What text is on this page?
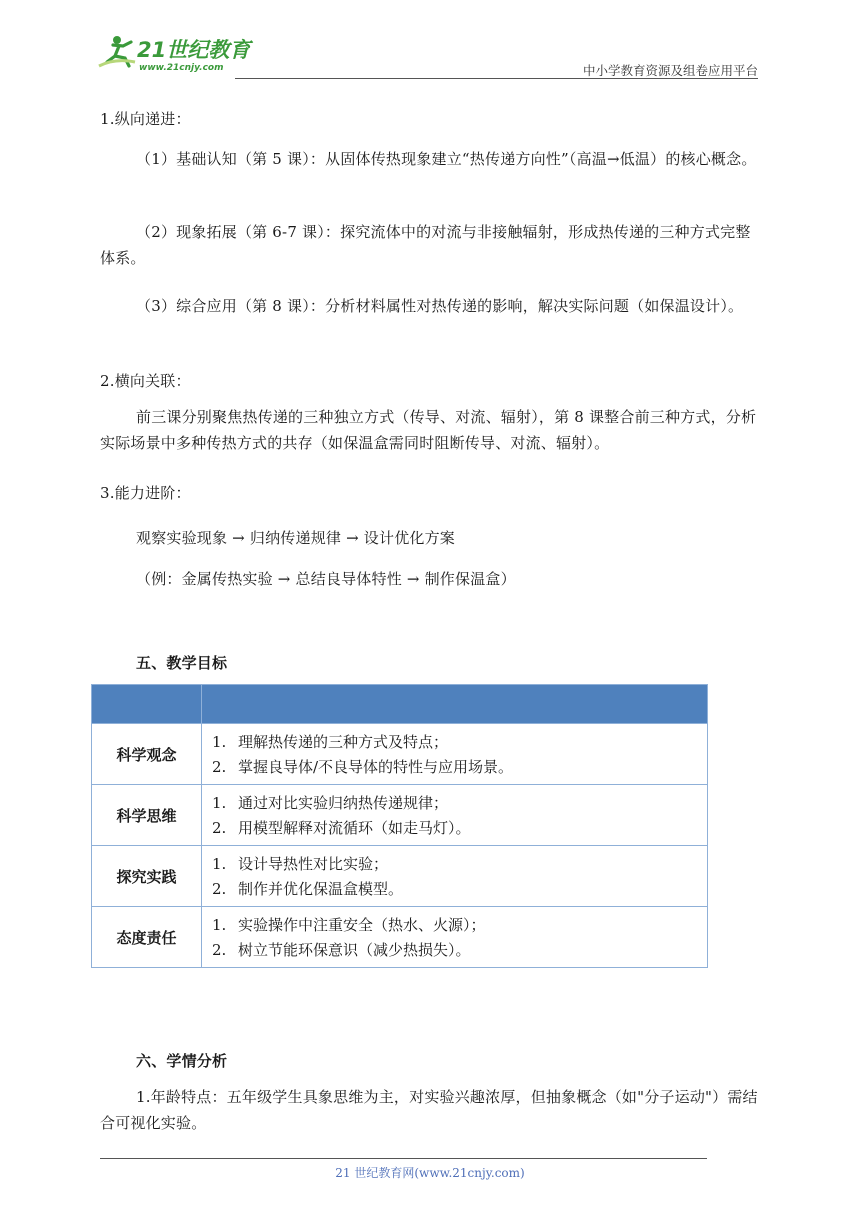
21世纪教育
www.21cnjy.com	中小学教育资源及组卷应用平台
1.纵向递进：
（1）基础认知（第 5 课）：从固体传热现象建立“热传递方向性”（高温→低温）的核心概念。
（2）现象拓展（第 6-7 课）：探究流体中的对流与非接触辐射，形成热传递的三种方式完整体系。
（3）综合应用（第 8 课）：分析材料属性对热传递的影响，解决实际问题（如保温设计）。
2.横向关联：
前三课分别聚焦热传递的三种独立方式（传导、对流、辐射），第 8 课整合前三种方式，分析实际场景中多种传热方式的共存（如保温盒需同时阻断传导、对流、辐射）。
3.能力进阶：
观察实验现象 → 归纳传递规律 → 设计优化方案
（例：金属传热实验 → 总结良导体特性 → 制作保温盒）
五、教学目标

科学观念	1. 理解热传递的三种方式及特点；
2. 掌握良导体/不良导体的特性与应用场景。

科学思维	1. 通过对比实验归纳热传递规律；
2. 用模型解释对流循环（如走马灯）。

探究实践	1. 设计导热性对比实验；
2. 制作并优化保温盒模型。

态度责任	1. 实验操作中注重安全（热水、火源）；
2. 树立节能环保意识（减少热损失）。
六、学情分析
1.年龄特点：五年级学生具象思维为主，对实验兴趣浓厚，但抽象概念（如"分子运动"）需结合可视化实验。
21 世纪教育网(www.21cnjy.com)
